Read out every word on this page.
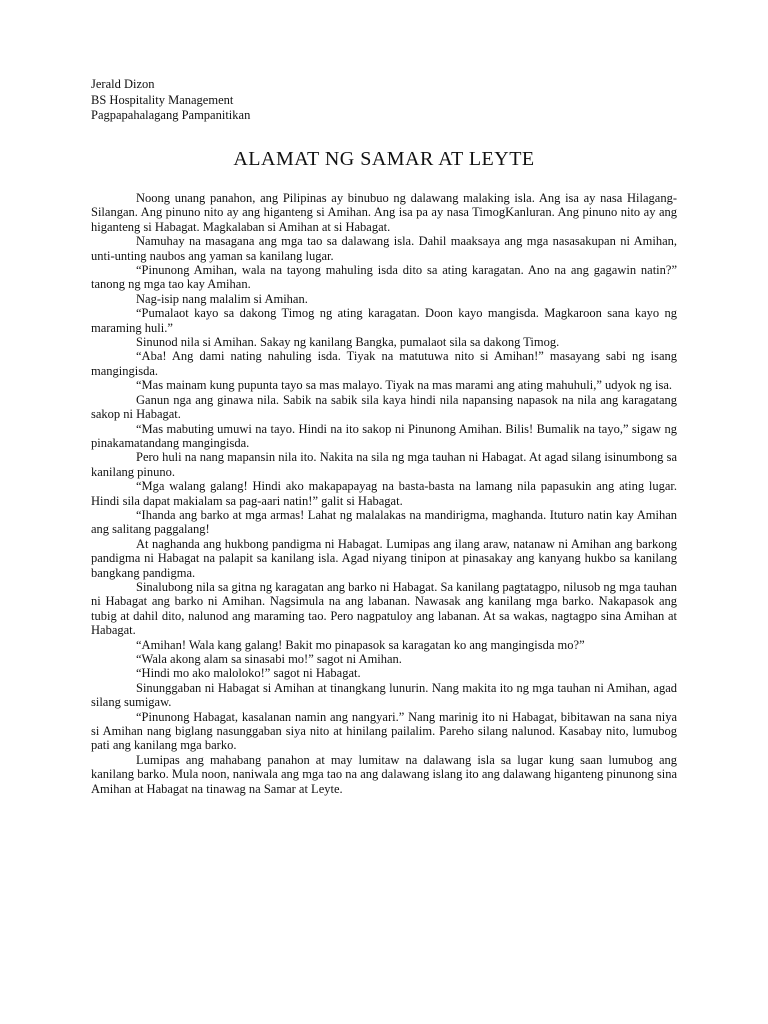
Jerald Dizon
BS Hospitality Management
Pagpapahalagang Pampanitikan
ALAMAT NG SAMAR AT LEYTE

Noong unang panahon, ang Pilipinas ay binubuo ng dalawang malaking isla. Ang isa ay nasa Hilagang-Silangan. Ang pinuno nito ay ang higanteng si Amihan. Ang isa pa ay nasa TimogKanluran. Ang pinuno nito ay ang higanteng si Habagat. Magkalaban si Amihan at si Habagat.

Namuhay na masagana ang mga tao sa dalawang isla. Dahil maaksaya ang mga nasasakupan ni Amihan, unti-unting naubos ang yaman sa kanilang lugar.

“Pinunong Amihan, wala na tayong mahuling isda dito sa ating karagatan. Ano na ang gagawin natin?” tanong ng mga tao kay Amihan.

Nag-isip nang malalim si Amihan.

“Pumalaot kayo sa dakong Timog ng ating karagatan. Doon kayo mangisda. Magkaroon sana kayo ng maraming huli.”

Sinunod nila si Amihan. Sakay ng kanilang Bangka, pumalaot sila sa dakong Timog.

“Aba! Ang dami nating nahuling isda. Tiyak na matutuwa nito si Amihan!” masayang sabi ng isang mangingisda.

“Mas mainam kung pupunta tayo sa mas malayo. Tiyak na mas marami ang ating mahuhuli,” udyok ng isa.

Ganun nga ang ginawa nila. Sabik na sabik sila kaya hindi nila napansing napasok na nila ang karagatang sakop ni Habagat.

“Mas mabuting umuwi na tayo. Hindi na ito sakop ni Pinunong Amihan. Bilis! Bumalik na tayo,” sigaw ng pinakamatandang mangingisda.

Pero huli na nang mapansin nila ito. Nakita na sila ng mga tauhan ni Habagat. At agad silang isinumbong sa kanilang pinuno.

“Mga walang galang! Hindi ako makapapayag na basta-basta na lamang nila papasukin ang ating lugar. Hindi sila dapat makialam sa pag-aari natin!” galit si Habagat.

“Ihanda ang barko at mga armas! Lahat ng malalakas na mandirigma, maghanda. Ituturo natin kay Amihan ang salitang paggalang!

At naghanda ang hukbong pandigma ni Habagat. Lumipas ang ilang araw, natanaw ni Amihan ang barkong pandigma ni Habagat na palapit sa kanilang isla. Agad niyang tinipon at pinasakay ang kanyang hukbo sa kanilang bangkang pandigma.

Sinalubong nila sa gitna ng karagatan ang barko ni Habagat. Sa kanilang pagtatagpo, nilusob ng mga tauhan ni Habagat ang barko ni Amihan. Nagsimula na ang labanan. Nawasak ang kanilang mga barko. Nakapasok ang tubig at dahil dito, nalunod ang maraming tao. Pero nagpatuloy ang labanan. At sa wakas, nagtagpo sina Amihan at Habagat.

“Amihan! Wala kang galang! Bakit mo pinapasok sa karagatan ko ang mangingisda mo?”

“Wala akong alam sa sinasabi mo!” sagot ni Amihan.

“Hindi mo ako maloloko!” sagot ni Habagat.

Sinunggaban ni Habagat si Amihan at tinangkang lunurin. Nang makita ito ng mga tauhan ni Amihan, agad silang sumigaw.

“Pinunong Habagat, kasalanan namin ang nangyari.” Nang marinig ito ni Habagat, bibitawan na sana niya si Amihan nang biglang nasunggaban siya nito at hinilang pailalim. Pareho silang nalunod. Kasabay nito, lumubog pati ang kanilang mga barko.

Lumipas ang mahabang panahon at may lumitaw na dalawang isla sa lugar kung saan lumubog ang kanilang barko. Mula noon, naniwala ang mga tao na ang dalawang islang ito ang dalawang higanteng pinunong sina Amihan at Habagat na tinawag na Samar at Leyte.
